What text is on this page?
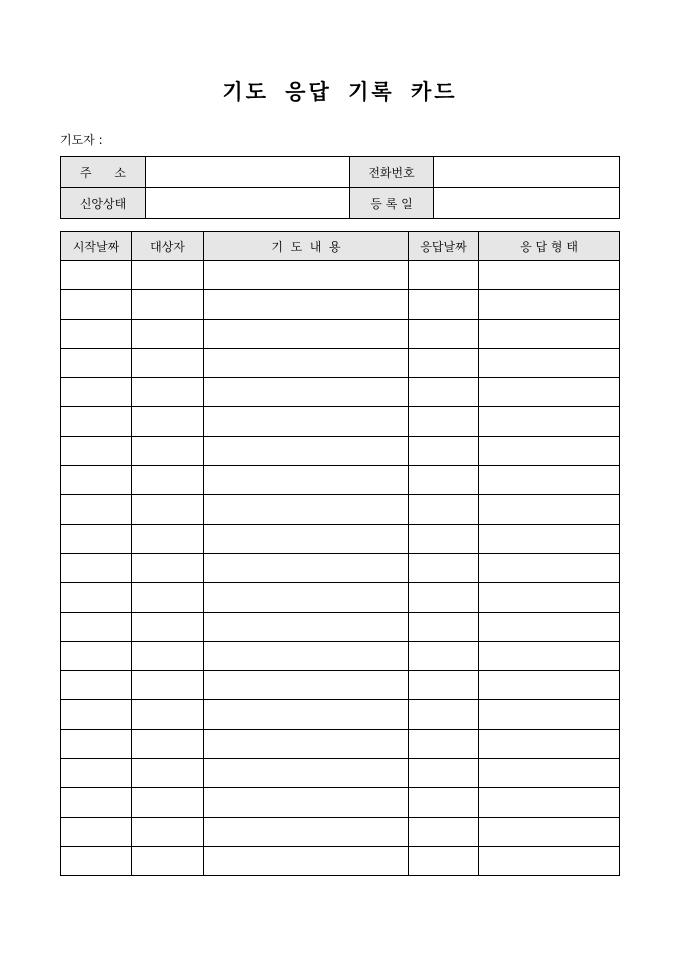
기도 응답 기록 카드
기도자 :
주      소		전화번호	
신앙상태		등 록 일	
시작날짜	대상자	기  도  내  용	응답날짜	응 답 형 태
